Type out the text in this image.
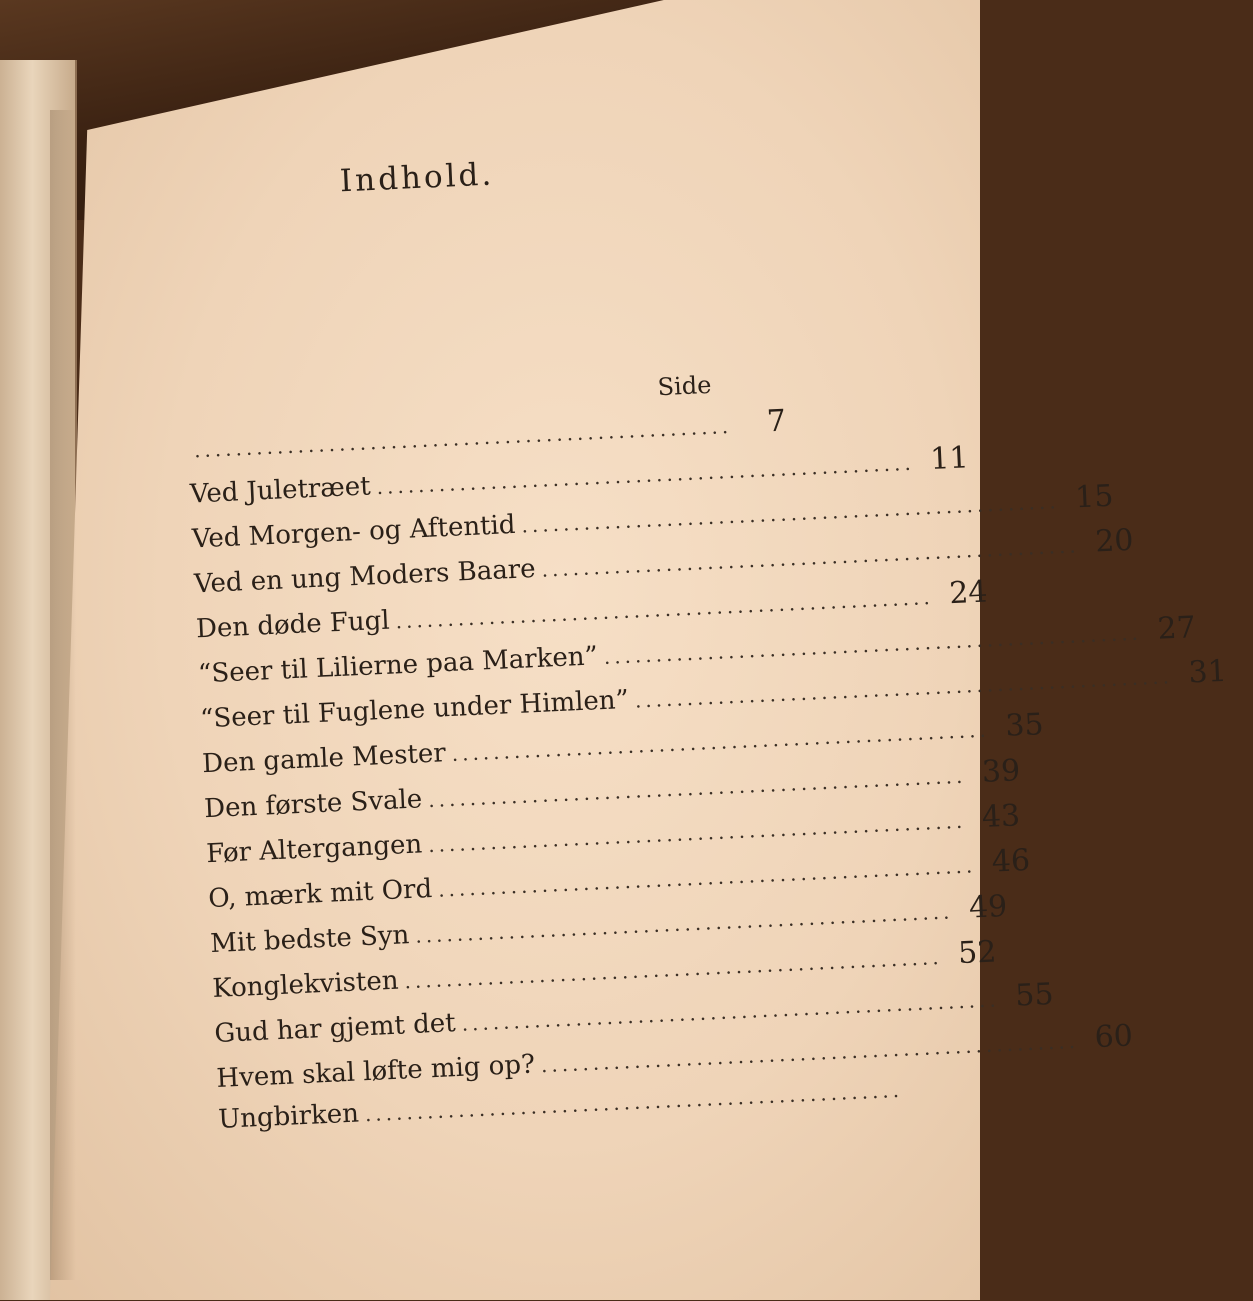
Indhold.
Side
....................................................	7
Ved Juletræet .................................................... 11
Ved Morgen- og Aftentid .................................................... 15
Ved en ung Moders Baare .................................................... 20
Den døde Fugl .................................................... 24
“Seer til Lilierne paa Marken” .................................................... 27
“Seer til Fuglene under Himlen” .................................................... 31
Den gamle Mester .................................................... 35
Den første Svale .................................................... 39
Før Altergangen .................................................... 43
O, mærk mit Ord .................................................... 46
Mit bedste Syn .................................................... 49
Konglekvisten .................................................... 52
Gud har gjemt det .................................................... 55
Hvem skal løfte mig op? .................................................... 60
Ungbirken ....................................................
